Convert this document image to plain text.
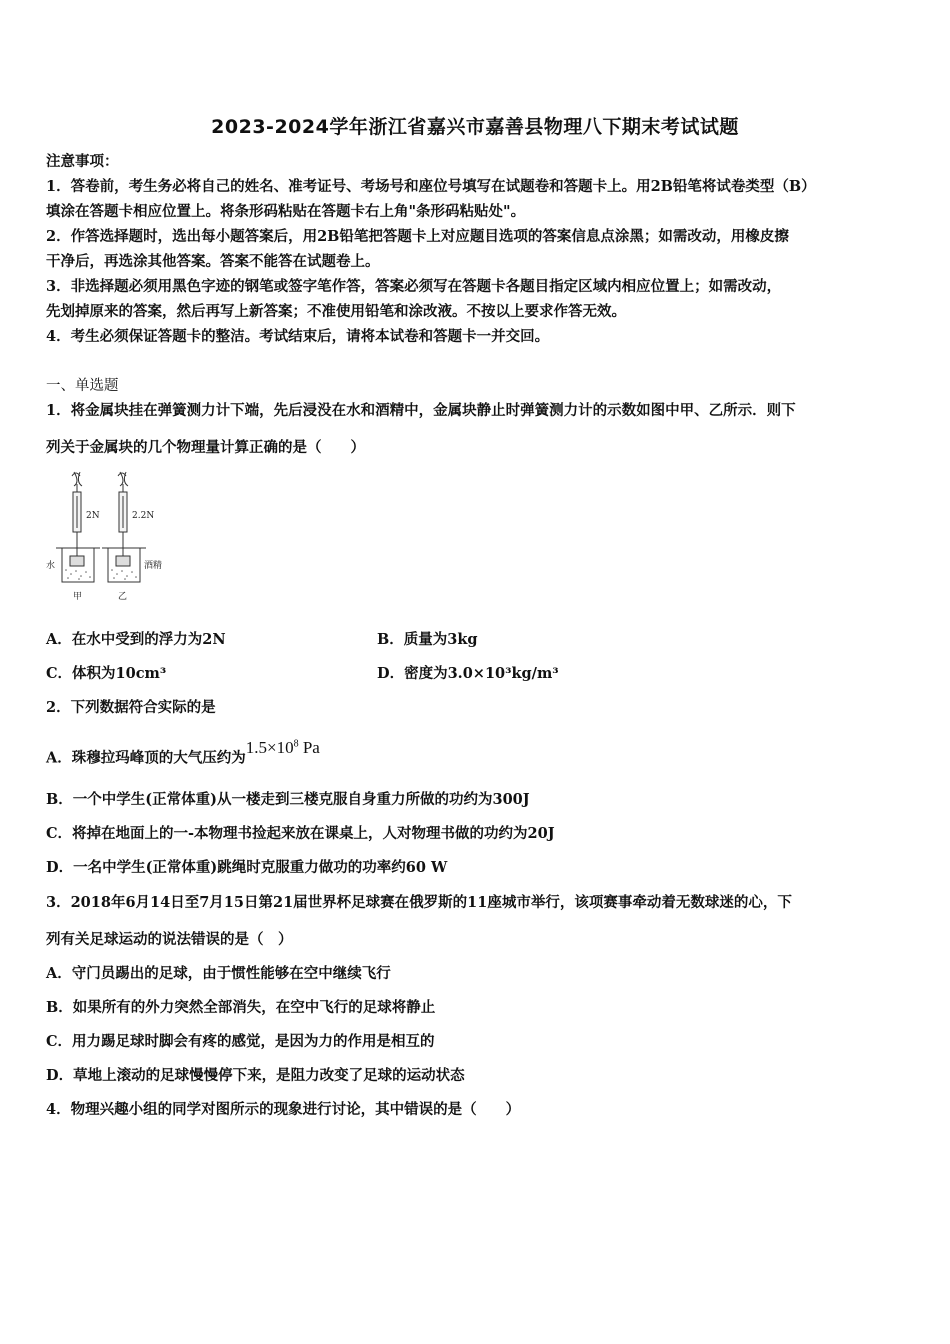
2023-2024学年浙江省嘉兴市嘉善县物理八下期末考试试题
注意事项：
1．答卷前，考生务必将自己的姓名、准考证号、考场号和座位号填写在试题卷和答题卡上。用2B铅笔将试卷类型（B）
填涂在答题卡相应位置上。将条形码粘贴在答题卡右上角"条形码粘贴处"。
2．作答选择题时，选出每小题答案后，用2B铅笔把答题卡上对应题目选项的答案信息点涂黑；如需改动，用橡皮擦
干净后，再选涂其他答案。答案不能答在试题卷上。
3．非选择题必须用黑色字迹的钢笔或签字笔作答，答案必须写在答题卡各题目指定区域内相应位置上；如需改动，
先划掉原来的答案，然后再写上新答案；不准使用铅笔和涂改液。不按以上要求作答无效。
4．考生必须保证答题卡的整洁。考试结束后，请将本试卷和答题卡一并交回。
一、单选题
1．将金属块挂在弹簧测力计下端，先后浸没在水和酒精中，金属块静止时弹簧测力计的示数如图中甲、乙所示．则下
列关于金属块的几个物理量计算正确的是（　　）
2N	2.2N
水	酒精
甲	乙
A．在水中受到的浮力为2N	B．质量为3kg
C．体积为10cm³	D．密度为3.0×10³kg/m³
2．下列数据符合实际的是
A．珠穆拉玛峰顶的大气压约为$1.5\times 10^8$ Pa
B．一个中学生(正常体重)从一楼走到三楼克服自身重力所做的功约为300J
C．将掉在地面上的一-本物理书捡起来放在课桌上，人对物理书做的功约为20J
D．一名中学生(正常体重)跳绳时克服重力做功的功率约60 W
3．2018年6月14日至7月15日第21届世界杯足球赛在俄罗斯的11座城市举行，该项赛事牵动着无数球迷的心，下
列有关足球运动的说法错误的是（　）
A．守门员踢出的足球，由于惯性能够在空中继续飞行
B．如果所有的外力突然全部消失，在空中飞行的足球将静止
C．用力踢足球时脚会有疼的感觉，是因为力的作用是相互的
D．草地上滚动的足球慢慢停下来，是阻力改变了足球的运动状态
4．物理兴趣小组的同学对图所示的现象进行讨论，其中错误的是（　　）
